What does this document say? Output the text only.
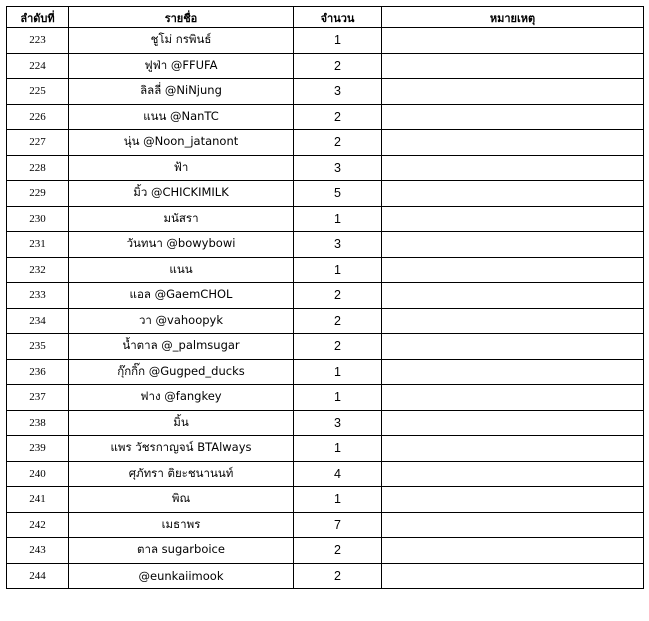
ลำดับที่	รายชื่อ	จำนวน	หมายเหตุ
223	ชูโม่ กรพินธ์	1	
224	ฟูฟ่า @FFUFA	2	
225	ลิลลี่ @NiNjung	3	
226	แนน @NanTC	2	
227	นุ่น @Noon_jatanont	2	
228	ฟ้า	3	
229	มิ้ว @CHICKIMILK	5	
230	มนัสรา	1	
231	วันทนา @bowybowi	3	
232	แนน	1	
233	แอล @GaemCHOL	2	
234	วา @vahoopyk	2	
235	น้ำตาล @_palmsugar	2	
236	กุ๊กกิ๊ก @Gugped_ducks	1	
237	ฟาง @fangkey	1	
238	มิ้น	3	
239	แพร วัชรกาญจน์ BTAlways	1	
240	ศุภัทรา ติยะชนานนท์	4	
241	พิณ	1	
242	เมธาพร	7	
243	ตาล sugarboice	2	
244	@eunkaiimook	2	
